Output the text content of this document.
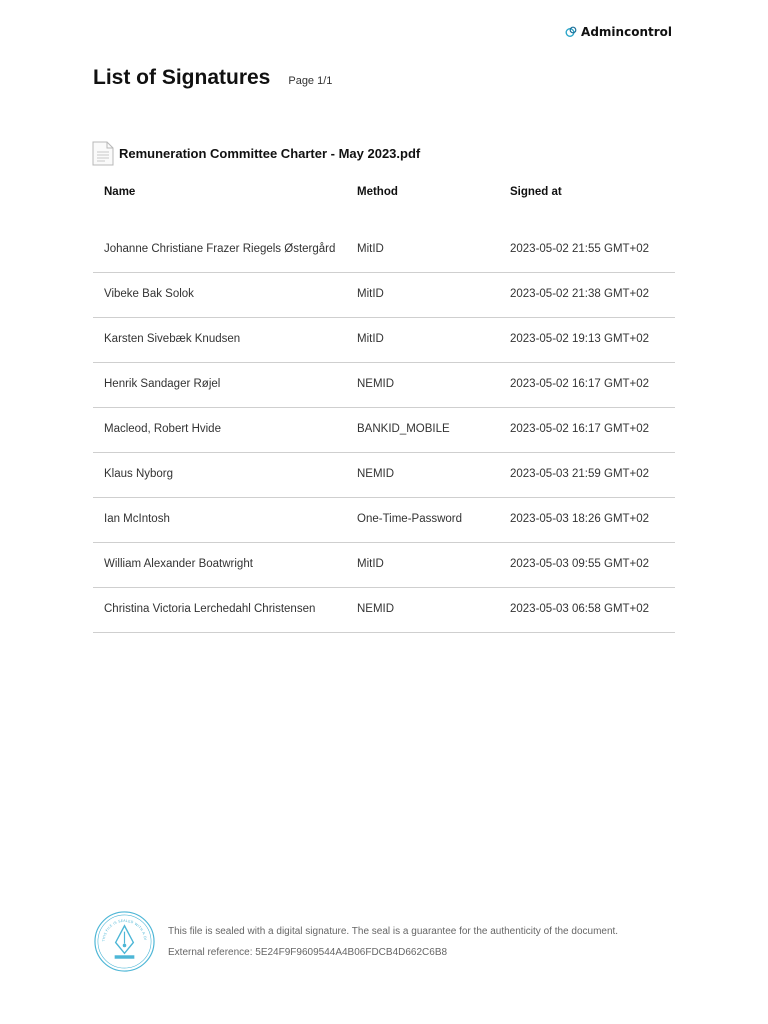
Admincontrol
List of Signatures Page 1/1
Remuneration Committee Charter - May 2023.pdf
Name	Method	Signed at
Johanne Christiane Frazer Riegels Østergård	MitID	2023-05-02 21:55 GMT+02
Vibeke Bak Solok	MitID	2023-05-02 21:38 GMT+02
Karsten Sivebæk Knudsen	MitID	2023-05-02 19:13 GMT+02
Henrik Sandager Røjel	NEMID	2023-05-02 16:17 GMT+02
Macleod, Robert Hvide	BANKID_MOBILE	2023-05-02 16:17 GMT+02
Klaus Nyborg	NEMID	2023-05-03 21:59 GMT+02
Ian McIntosh	One-Time-Password	2023-05-03 18:26 GMT+02
William Alexander Boatwright	MitID	2023-05-03 09:55 GMT+02
Christina Victoria Lerchedahl Christensen	NEMID	2023-05-03 06:58 GMT+02
THIS FILE IS SEALED WITH A DI
This file is sealed with a digital signature. The seal is a guarantee for the authenticity of the document.
External reference: 5E24F9F9609544A4B06FDCB4D662C6B8
